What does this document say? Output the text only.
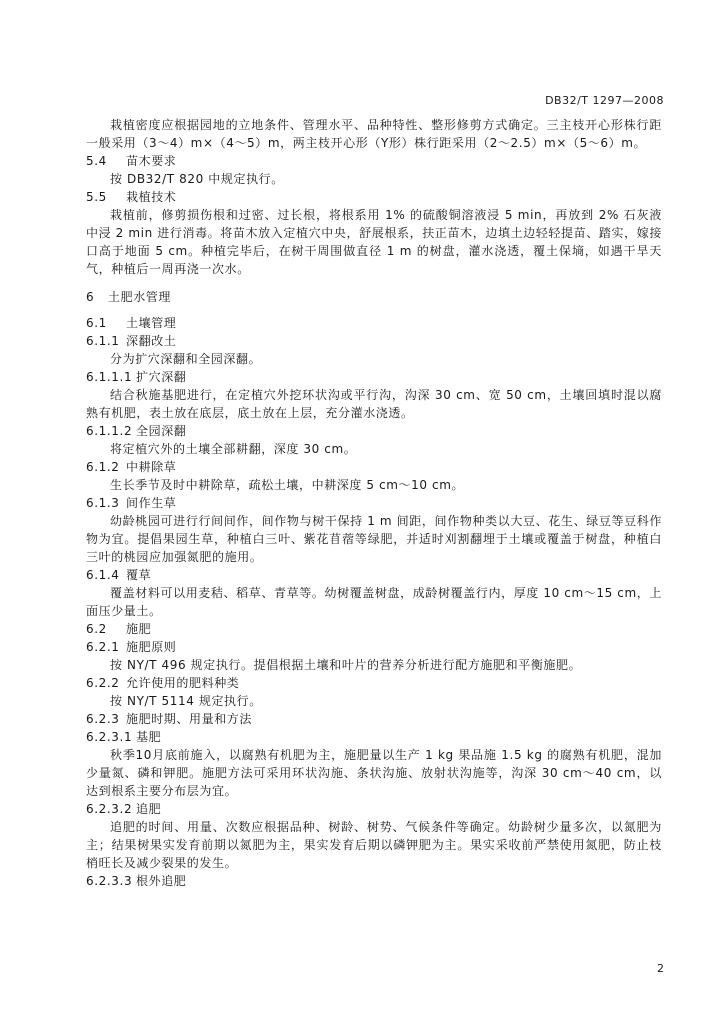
DB32/T 1297—2008

栽植密度应根据园地的立地条件、管理水平、品种特性、整形修剪方式确定。三主枝开心形株行距一般采用（3～4）m×（4～5）m，两主枝开心形（Y形）株行距采用（2～2.5）m×（5～6）m。

5.4 苗木要求

按 DB32/T 820 中规定执行。

5.5 栽植技术

栽植前，修剪损伤根和过密、过长根，将根系用 1% 的硫酸铜溶液浸 5 min，再放到 2% 石灰液中浸 2 min 进行消毒。将苗木放入定植穴中央，舒展根系，扶正苗木，边填土边轻轻提苗、踏实，嫁接口高于地面 5 cm。种植完毕后，在树干周围做直径 1 m 的树盘，灌水浇透，覆土保墒，如遇干旱天气，种植后一周再浇一次水。

6 土肥水管理
6.1 土壤管理
6.1.1 深翻改土

分为扩穴深翻和全园深翻。

6.1.1.1 扩穴深翻

结合秋施基肥进行，在定植穴外挖环状沟或平行沟，沟深 30 cm、宽 50 cm，土壤回填时混以腐熟有机肥，表土放在底层，底土放在上层，充分灌水浇透。

6.1.1.2 全园深翻

将定植穴外的土壤全部耕翻，深度 30 cm。

6.1.2 中耕除草

生长季节及时中耕除草，疏松土壤，中耕深度 5 cm～10 cm。

6.1.3 间作生草

幼龄桃园可进行行间间作，间作物与树干保持 1 m 间距，间作物种类以大豆、花生、绿豆等豆科作物为宜。提倡果园生草，种植白三叶、紫花苜蓿等绿肥，并适时刈割翻埋于土壤或覆盖于树盘，种植白三叶的桃园应加强氮肥的施用。

6.1.4 覆草

覆盖材料可以用麦秸、稻草、青草等。幼树覆盖树盘，成龄树覆盖行内，厚度 10 cm～15 cm，上面压少量土。

6.2 施肥
6.2.1 施肥原则

按 NY/T 496 规定执行。提倡根据土壤和叶片的营养分析进行配方施肥和平衡施肥。

6.2.2 允许使用的肥料种类

按 NY/T 5114 规定执行。

6.2.3 施肥时期、用量和方法
6.2.3.1 基肥

秋季10月底前施入，以腐熟有机肥为主，施肥量以生产 1 kg 果品施 1.5 kg 的腐熟有机肥，混加少量氮、磷和钾肥。施肥方法可采用环状沟施、条状沟施、放射状沟施等，沟深 30 cm～40 cm，以达到根系主要分布层为宜。

6.2.3.2 追肥

追肥的时间、用量、次数应根据品种、树龄、树势、气候条件等确定。幼龄树少量多次，以氮肥为主；结果树果实发育前期以氮肥为主，果实发育后期以磷钾肥为主。果实采收前严禁使用氮肥，防止枝梢旺长及减少裂果的发生。

6.2.3.3 根外追肥
2
